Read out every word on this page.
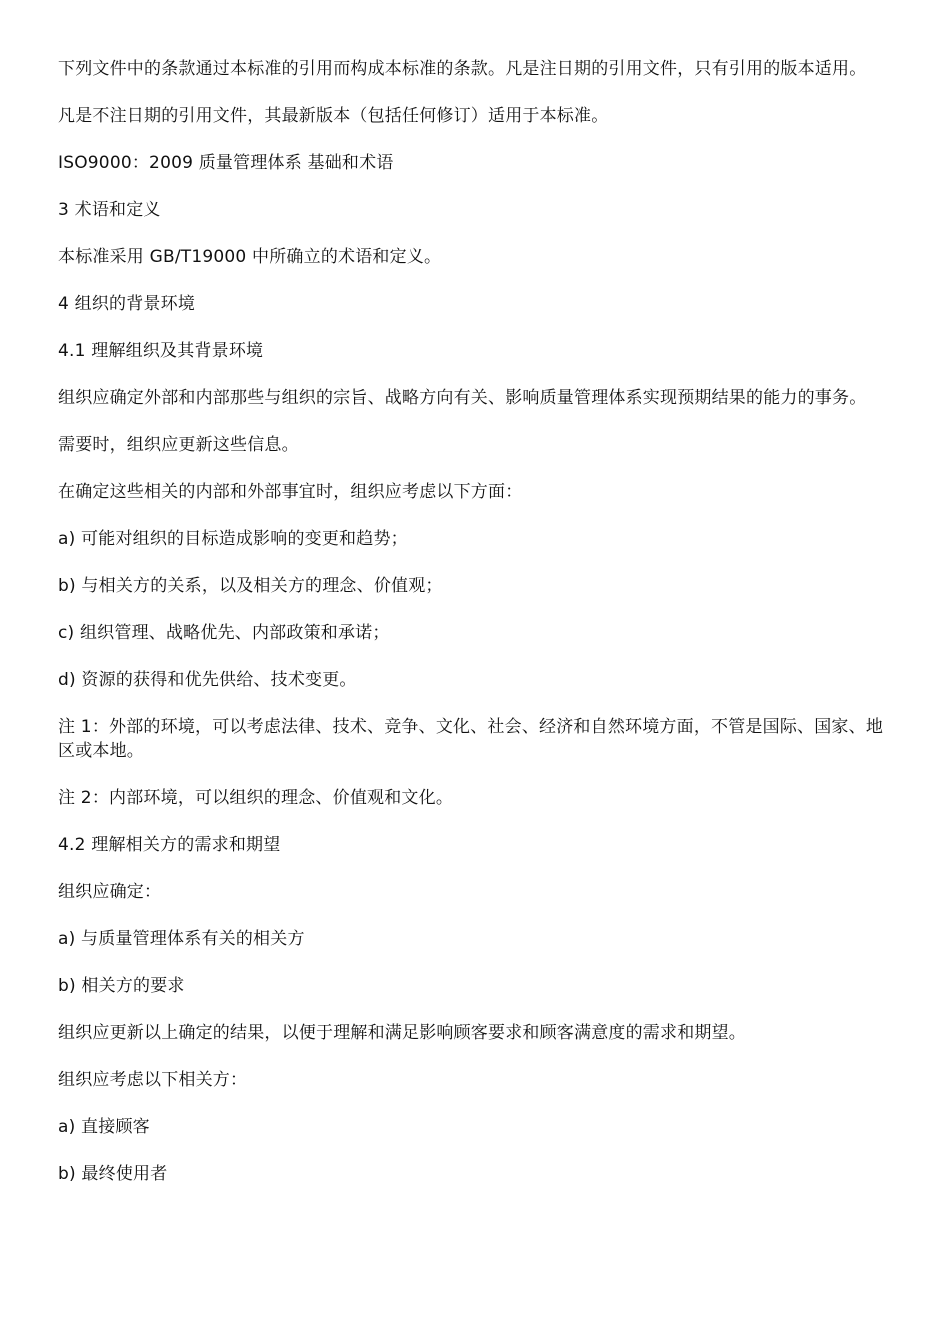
下列文件中的条款通过本标准的引用而构成本标准的条款。凡是注日期的引用文件，只有引用的版本适用。

凡是不注日期的引用文件，其最新版本（包括任何修订）适用于本标准。

ISO9000：2009 质量管理体系 基础和术语

3 术语和定义

本标准采用 GB/T19000 中所确立的术语和定义。

4 组织的背景环境

4.1 理解组织及其背景环境

组织应确定外部和内部那些与组织的宗旨、战略方向有关、影响质量管理体系实现预期结果的能力的事务。

需要时，组织应更新这些信息。

在确定这些相关的内部和外部事宜时，组织应考虑以下方面：

a) 可能对组织的目标造成影响的变更和趋势；

b) 与相关方的关系，以及相关方的理念、价值观；

c) 组织管理、战略优先、内部政策和承诺；

d) 资源的获得和优先供给、技术变更。

注 1：外部的环境，可以考虑法律、技术、竞争、文化、社会、经济和自然环境方面，不管是国际、国家、地区或本地。

注 2：内部环境，可以组织的理念、价值观和文化。

4.2 理解相关方的需求和期望

组织应确定：

a) 与质量管理体系有关的相关方

b) 相关方的要求

组织应更新以上确定的结果，以便于理解和满足影响顾客要求和顾客满意度的需求和期望。

组织应考虑以下相关方：

a) 直接顾客

b) 最终使用者
